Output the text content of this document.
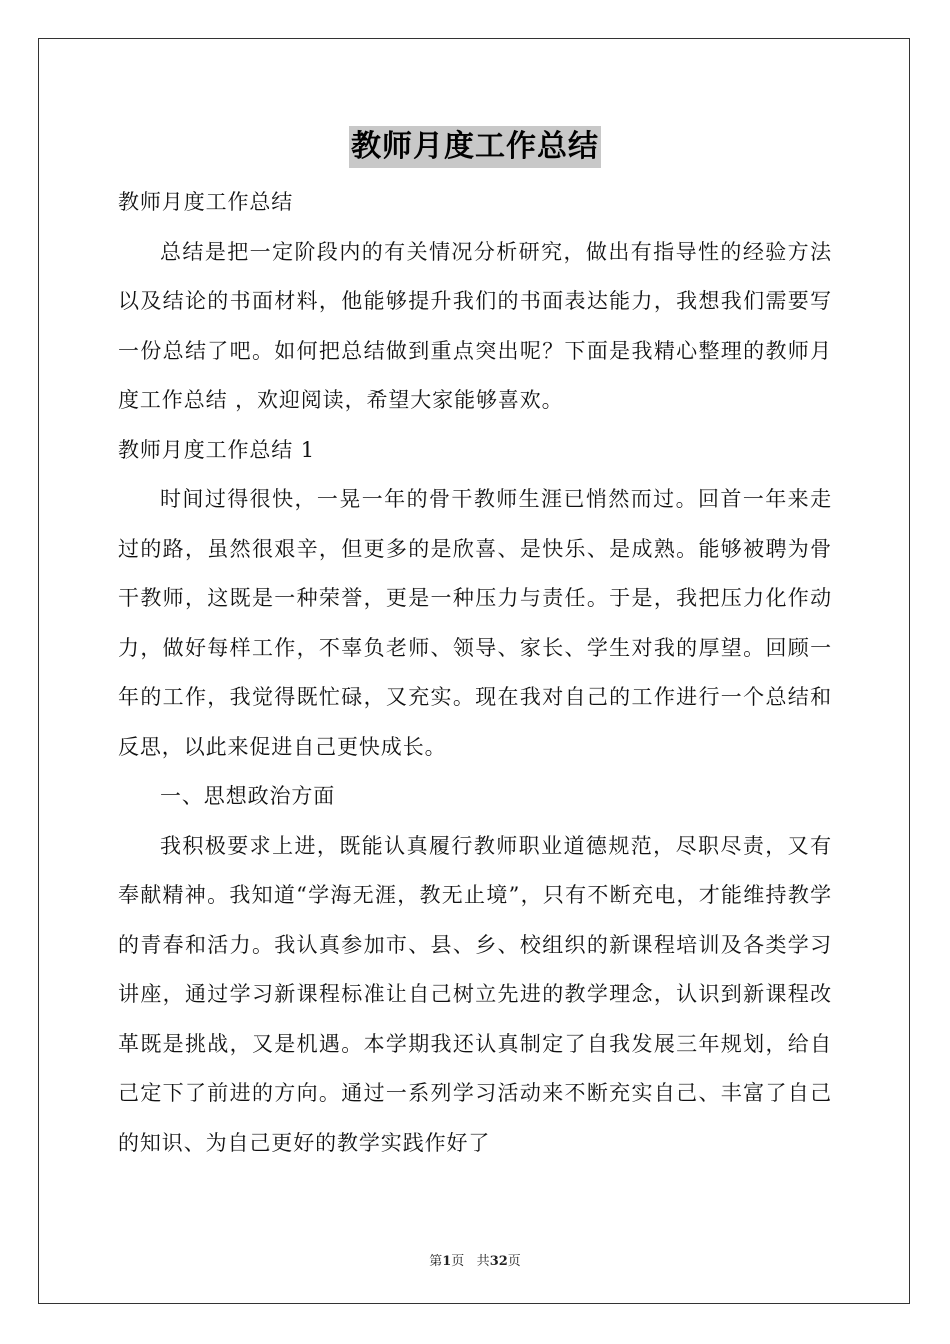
教师月度工作总结

教师月度工作总结

总结是把一定阶段内的有关情况分析研究，做出有指导性的经验方法以及结论的书面材料，他能够提升我们的书面表达能力，我想我们需要写一份总结了吧。如何把总结做到重点突出呢？下面是我精心整理的教师月度工作总结 ，欢迎阅读，希望大家能够喜欢。

教师月度工作总结 1

时间过得很快，一晃一年的骨干教师生涯已悄然而过。回首一年来走过的路，虽然很艰辛，但更多的是欣喜、是快乐、是成熟。能够被聘为骨干教师，这既是一种荣誉，更是一种压力与责任。于是，我把压力化作动力，做好每样工作，不辜负老师、领导、家长、学生对我的厚望。回顾一年的工作，我觉得既忙碌，又充实。现在我对自己的工作进行一个总结和反思，以此来促进自己更快成长。

一、思想政治方面

我积极要求上进，既能认真履行教师职业道德规范，尽职尽责，又有奉献精神。我知道“学海无涯，教无止境”，只有不断充电，才能维持教学的青春和活力。我认真参加市、县、乡、校组织的新课程培训及各类学习讲座，通过学习新课程标准让自己树立先进的教学理念，认识到新课程改革既是挑战，又是机遇。本学期我还认真制定了自我发展三年规划，给自己定下了前进的方向。通过一系列学习活动来不断充实自己、丰富了自己的知识、为自己更好的教学实践作好了

第1页 共32页
